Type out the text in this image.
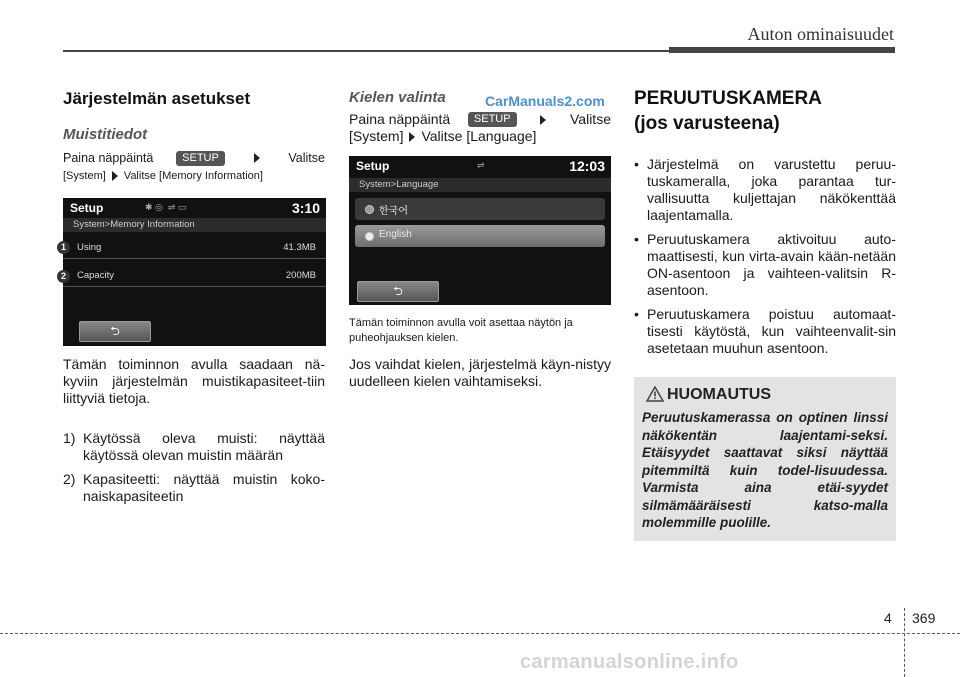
Auton ominaisuudet
CarManuals2.com
Järjestelmän asetukset
Muistitiedot
Paina näppäintä	SETUP	Valitse
[System] Valitse [Memory Information]
Setup	✱ ◎  ⇌ ▭	3:10
System>Memory Information
Using	41.3MB
Capacity	200MB
⮌
1
2
Tämän toiminnon avulla saadaan nä-kyviin järjestelmän muistikapasiteet-tiin liittyviä tietoja.
1) Käytössä oleva muisti: näyttää käytössä olevan muistin määrän
2) Kapasiteetti: näyttää muistin koko-naiskapasiteetin
Kielen valinta
Paina näppäintä	SETUP	Valitse
[System] Valitse [Language]
Setup	⇌	12:03
System>Language
한국어
English
⮌
Tämän toiminnon avulla voit asettaa näytön ja puheohjauksen kielen.
Jos vaihdat kielen, järjestelmä käyn-nistyy uudelleen kielen vaihtamiseksi.
PERUUTUSKAMERA
(jos varusteena)
• Järjestelmä on varustettu peruu-tuskameralla, joka parantaa tur-vallisuutta kuljettajan näkökenttää laajentamalla.
• Peruutuskamera aktivoituu auto-maattisesti, kun virta-avain kään-netään ON-asentoon ja vaihteen-valitsin R-asentoon.
• Peruutuskamera poistuu automaat-tisesti käytöstä, kun vaihteenvalit-sin asetetaan muuhun asentoon.
HUOMAUTUS
Peruutuskamerassa on optinen linssi näkökentän laajentami-seksi. Etäisyydet saattavat siksi näyttää pitemmiltä kuin todel-lisuudessa. Varmista aina etäi-syydet silmämääräisesti katso-malla molemmille puolille.
4 369
carmanualsonline.info
